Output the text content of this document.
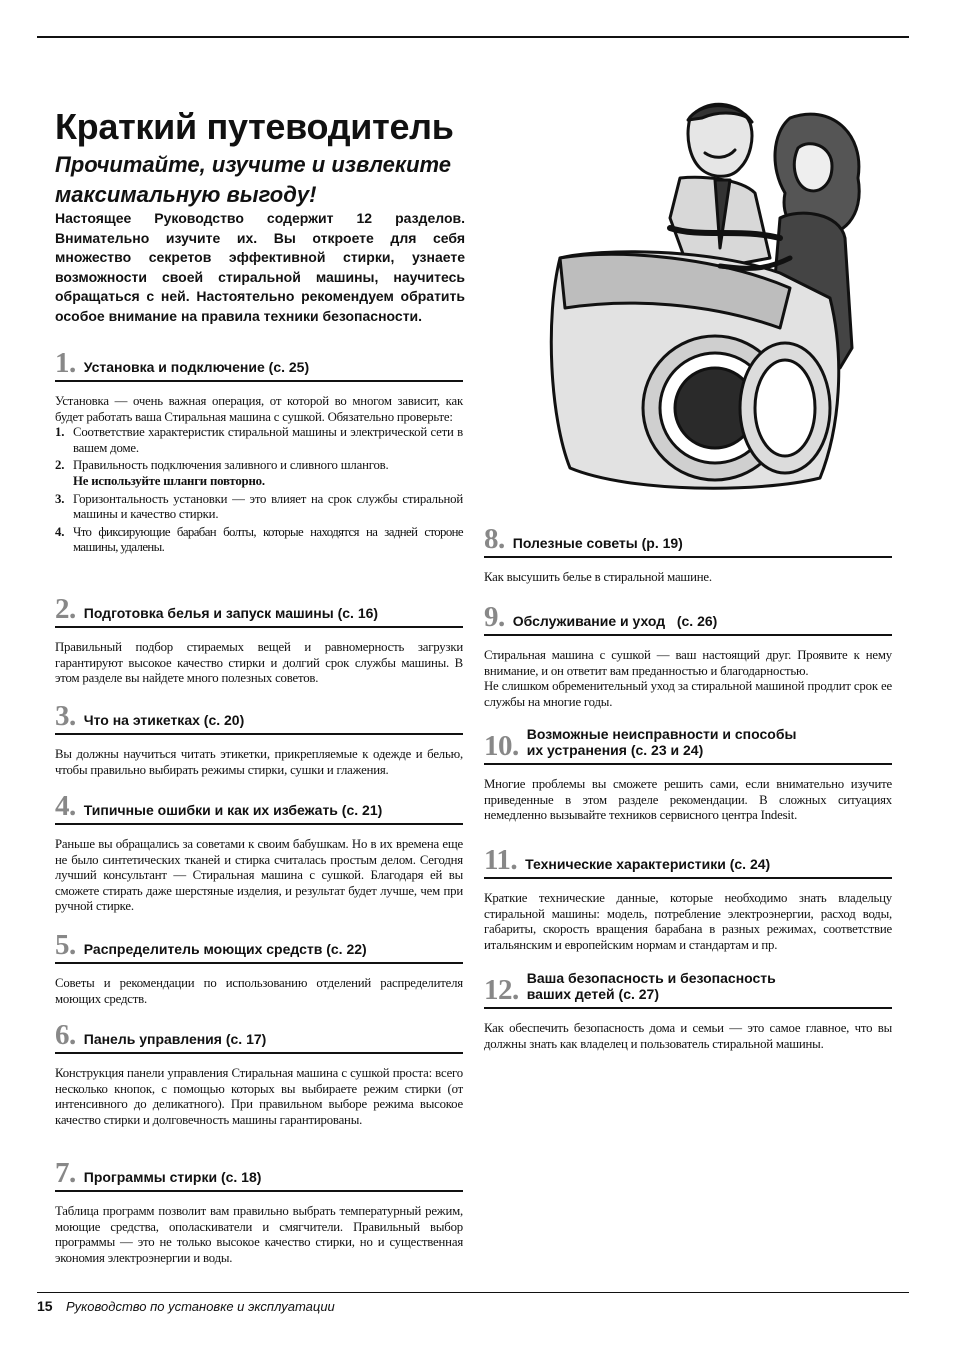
Краткий путеводитель
Прочитайте, изучите и извлеките максимальную выгоду!

Настоящее Руководство содержит 12 разделов. Внимательно изучите их. Вы откроете для себя множество секретов эффективной стирки, узнаете возможности своей стиральной машины, научитесь обращаться с ней. Настоятельно рекомендуем обратить особое внимание на правила техники безопасности.

1. Установка и подключение (с. 25)

Установка — очень важная операция, от которой во многом зависит, как будет работать ваша Стиральная машина с сушкой. Обязательно проверьте:

1. Соответствие характеристик стиральной машины и электрической сети в вашем доме.
2. Правильность подключения заливного и сливного шлангов.
Не используйте шланги повторно.
3. Горизонтальность установки — это влияет на срок службы стиральной машины и качество стирки.
4. Что фиксирующие барабан болты, которые находятся на задней стороне машины, удалены.
2. Подготовка белья и запуск машины (с. 16)

Правильный подбор стираемых вещей и равномерность загрузки гарантируют высокое качество стирки и долгий срок службы машины. В этом разделе вы найдете много полезных советов.

3. Что на этикетках (с. 20)

Вы должны научиться читать этикетки, прикрепляемые к одежде и белью, чтобы правильно выбирать режимы стирки, сушки и глажения.

4. Типичные ошибки и как их избежать (с. 21)

Раньше вы обращались за советами к своим бабушкам. Но в их времена еще не было синтетических тканей и стирка считалась простым делом. Сегодня лучший консультант — Стиральная машина с сушкой. Благодаря ей вы сможете стирать даже шерстяные изделия, и результат будет лучше, чем при ручной стирке.

5. Распределитель моющих средств (с. 22)

Советы и рекомендации по использованию отделений распределителя моющих средств.

6. Панель управления (с. 17)

Конструкция панели управления Стиральная машина с сушкой проста: всего несколько кнопок, с помощью которых вы выбираете режим стирки (от интенсивного до деликатного). При правильном выборе режима высокое качество стирки и долговечность машины гарантированы.

7. Программы стирки (с. 18)

Таблица программ позволит вам правильно выбрать температурный режим, моющие средства, ополаскиватели и смягчители. Правильный выбор программы — это не только высокое качество стирки, но и существенная экономия электроэнергии и воды.

8. Полезные советы (р. 19)

Как высушить белье в стиральной машине.

9. Обслуживание и уход   (с. 26)

Стиральная машина с сушкой — ваш настоящий друг. Проявите к нему внимание, и он ответит вам преданностью и благодарностью.
Не слишком обременительный уход за стиральной машиной продлит срок ее службы на многие годы.

10. Возможные неисправности и способы
их устранения (с. 23 и 24)

Многие проблемы вы сможете решить сами, если внимательно изучите приведенные в этом разделе рекомендации. В сложных ситуациях немедленно вызывайте техников сервисного центра Indesit.

11. Технические характеристики (с. 24)

Краткие технические данные, которые необходимо знать владельцу стиральной машины: модель, потребление электроэнергии, расход воды, габариты, скорость вращения барабана в разных режимах, соответствие итальянским и европейским нормам и стандартам и пр.

12. Ваша безопасность и безопасность
ваших детей (с. 27)

Как обеспечить безопасность дома и семьи — это самое главное, что вы должны знать как владелец и пользователь стиральной машины.

15 Руководство по установке и эксплуатации
